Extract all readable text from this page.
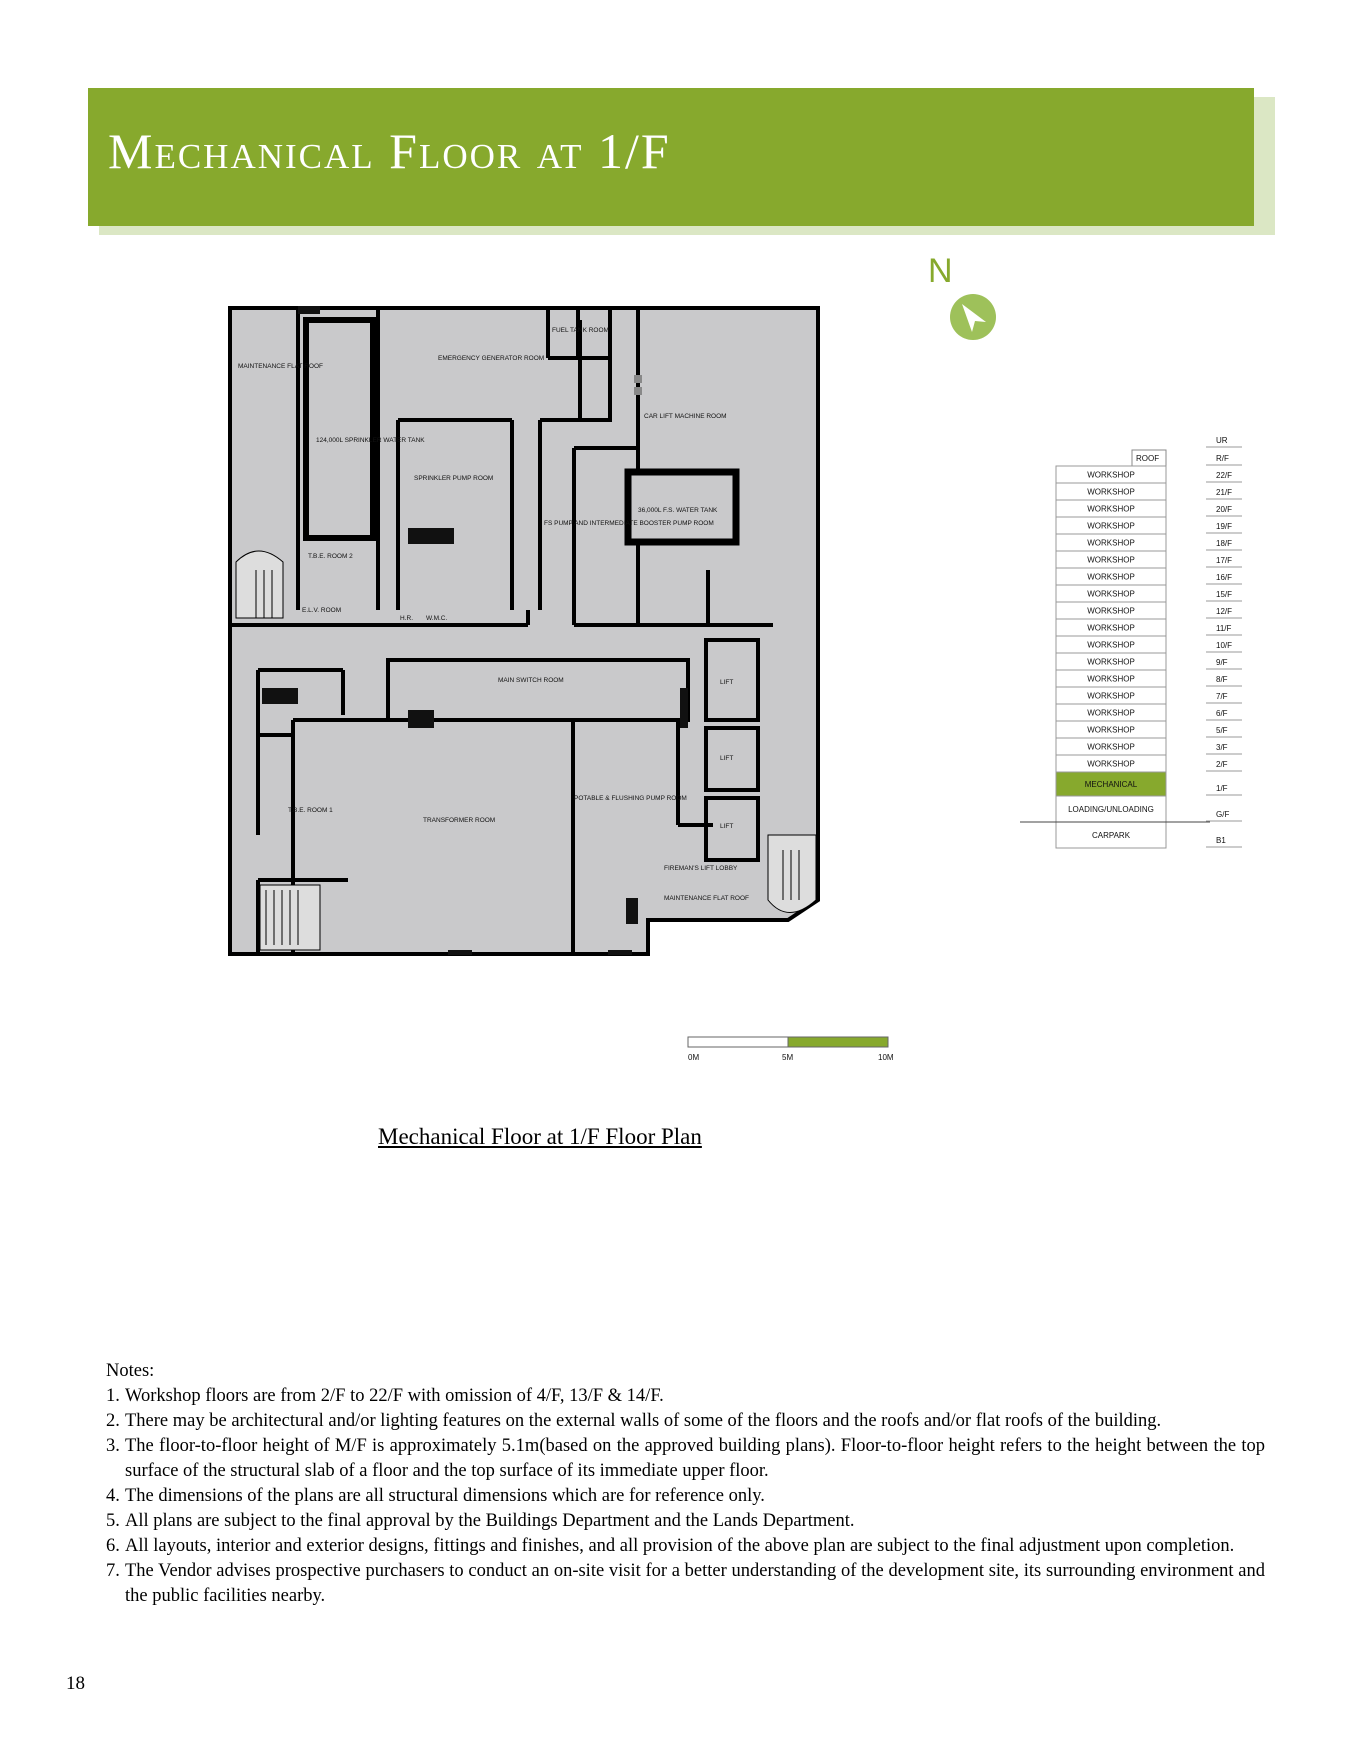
Mechanical Floor at 1/F
MAINTENANCE FLAT ROOF
124,000L SPRINKLER WATER TANK
EMERGENCY GENERATOR ROOM
FUEL TANK ROOM
CAR LIFT MACHINE ROOM
SPRINKLER PUMP ROOM
FS PUMP AND INTERMEDIATE BOOSTER PUMP ROOM
36,000L F.S. WATER TANK
T.B.E. ROOM 2
E.L.V. ROOM
H.R. W.M.C.
MAIN SWITCH ROOM	LIFT
LIFT
LIFT
T.B.E. ROOM 1
TRANSFORMER ROOM
POTABLE & FLUSHING PUMP ROOM
FIREMAN'S LIFT LOBBY
MAINTENANCE FLAT ROOF
N
ROOF
UR
R/F
22/F
WORKSHOP
21/F
WORKSHOP
20/F
WORKSHOP
19/F
WORKSHOP
18/F
WORKSHOP
17/F
WORKSHOP
16/F
WORKSHOP
15/F
WORKSHOP
12/F
WORKSHOP
11/F
WORKSHOP
10/F
WORKSHOP
9/F
WORKSHOP
8/F
WORKSHOP
7/F
WORKSHOP
6/F
WORKSHOP
5/F
WORKSHOP
3/F
WORKSHOP
2/F
WORKSHOP
1/F
MECHANICAL
G/F
LOADING/UNLOADING
B1
CARPARK
0M	5M	10M
Mechanical Floor at 1/F Floor Plan
Notes:
1. Workshop floors are from 2/F to 22/F with omission of 4/F, 13/F & 14/F.
2. There may be architectural and/or lighting features on the external walls of some of the floors and the roofs and/or flat roofs of the building.
3. The floor-to-floor height of M/F is approximately 5.1m(based on the approved building plans). Floor-to-floor height refers to the height between the top surface of the structural slab of a floor and the top surface of its immediate upper floor.
4. The dimensions of the plans are all structural dimensions which are for reference only.
5. All plans are subject to the final approval by the Buildings Department and the Lands Department.
6. All layouts, interior and exterior designs, fittings and finishes, and all provision of the above plan are subject to the final adjustment upon completion.
7. The Vendor advises prospective purchasers to conduct an on-site visit for a better understanding of the development site, its surrounding environment and the public facilities nearby.
18
